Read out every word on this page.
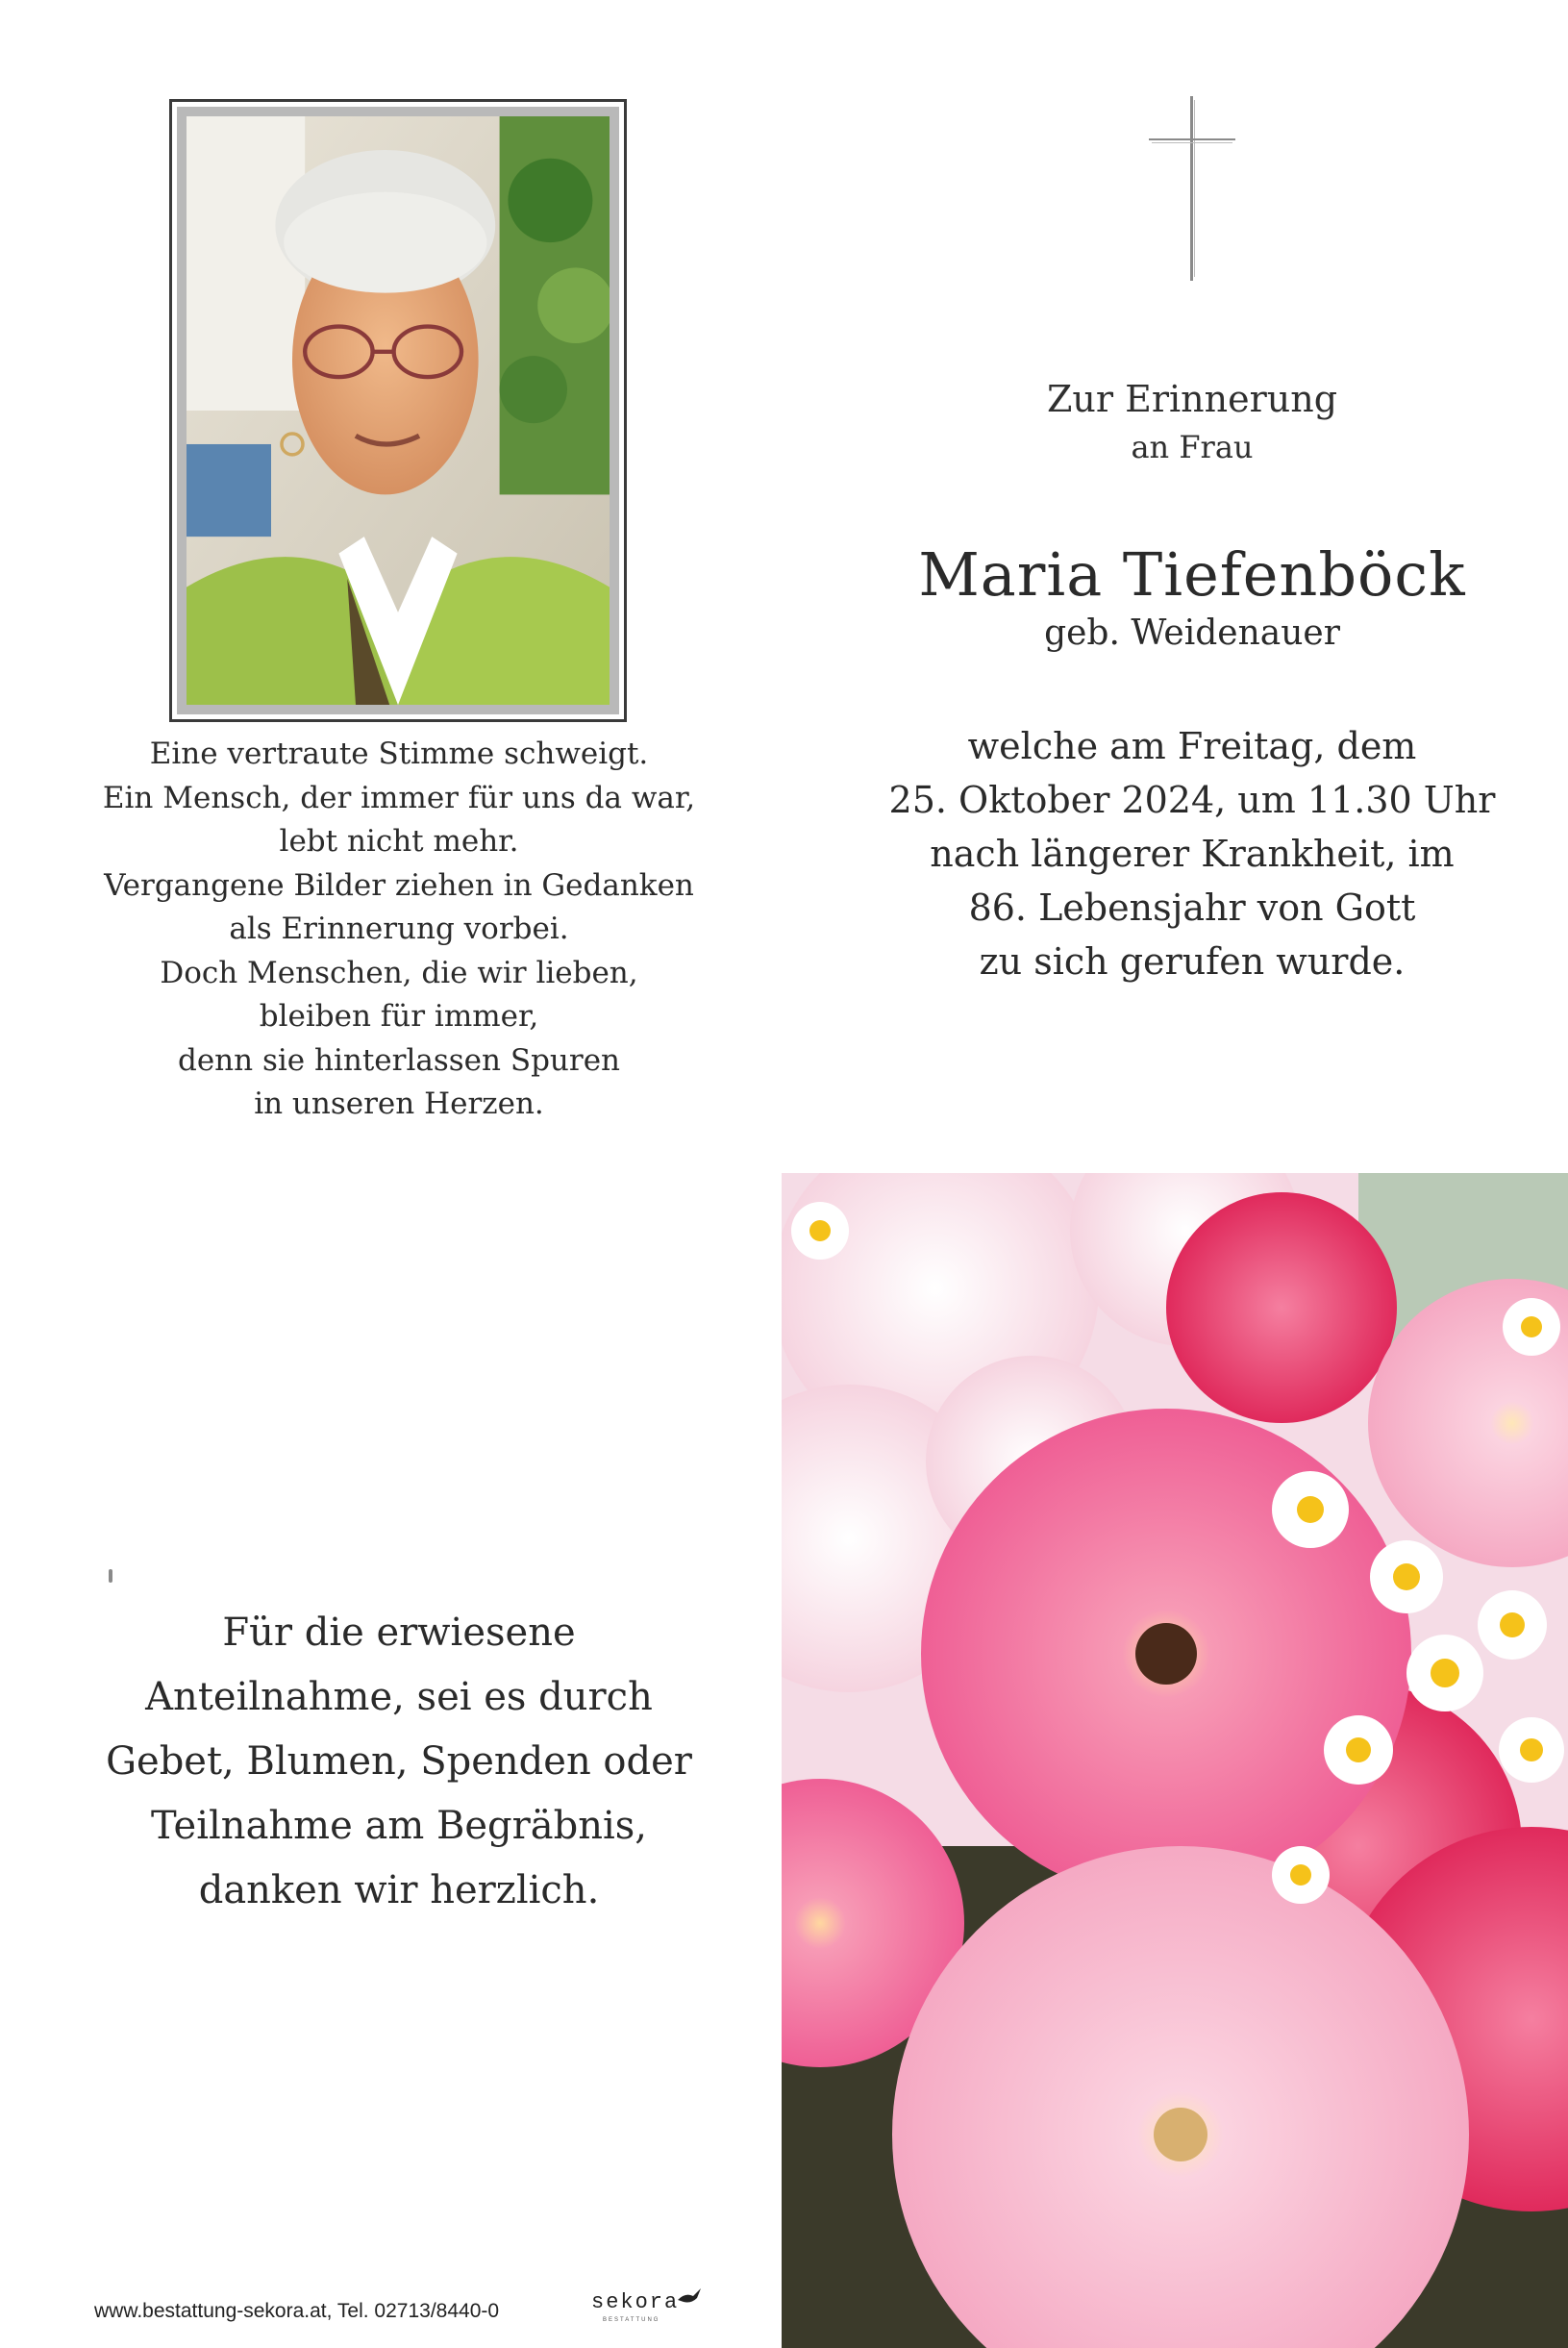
Eine vertraute Stimme schweigt.
Ein Mensch, der immer für uns da war,
lebt nicht mehr.
Vergangene Bilder ziehen in Gedanken
als Erinnerung vorbei.
Doch Menschen, die wir lieben,
bleiben für immer,
denn sie hinterlassen Spuren
in unseren Herzen.
Zur Erinnerung
an Frau
Maria Tiefenböck
geb. Weidenauer
welche am Freitag, dem
25. Oktober 2024, um 11.30 Uhr
nach längerer Krankheit, im
86. Lebensjahr von Gott
zu sich gerufen wurde.
Für die erwiesene
Anteilnahme, sei es durch
Gebet, Blumen, Spenden oder
Teilnahme am Begräbnis,
danken wir herzlich.
www.bestattung-sekora.at, Tel. 02713/8440-0	sekora
BESTATTUNG
